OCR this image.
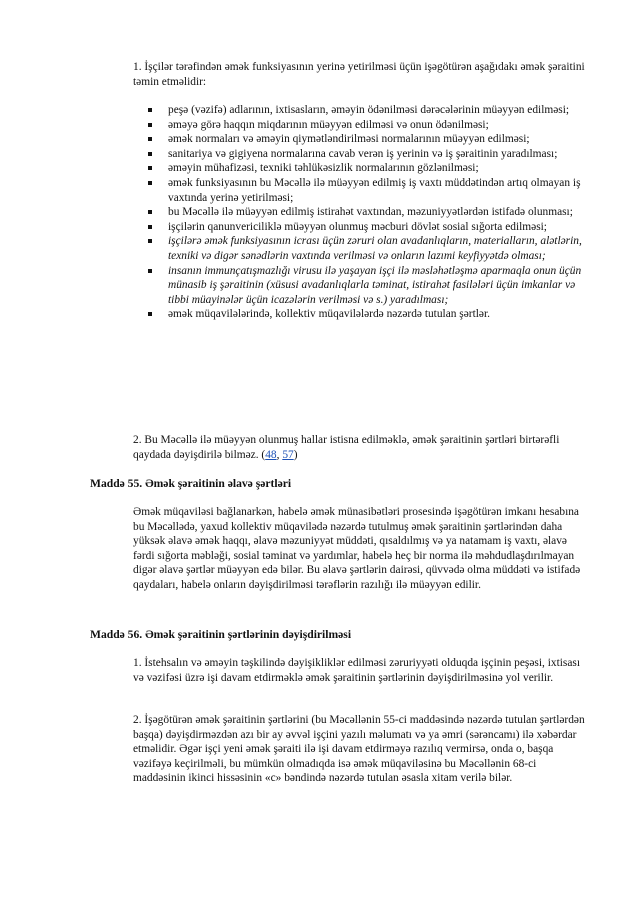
1. İşçilər tərəfindən əmək funksiyasının yerinə yetirilməsi üçün işəgötürən aşağıdakı əmək şəraitini təmin etməlidir:

peşə (vəzifə) adlarının, ixtisasların, əməyin ödənilməsi dərəcələrinin müəyyən edilməsi;
əməyə görə haqqın miqdarının müəyyən edilməsi və onun ödənilməsi;
əmək normaları və əməyin qiymətləndirilməsi normalarının müəyyən edilməsi;
sanitariya və gigiyena normalarına cavab verən iş yerinin və iş şəraitinin yaradılması;
əməyin mühafizəsi, texniki təhlükəsizlik normalarının gözlənilməsi;
əmək funksiyasının bu Məcəllə ilə müəyyən edilmiş iş vaxtı müddətindən artıq olmayan iş vaxtında yerinə yetirilməsi;
bu Məcəllə ilə müəyyən edilmiş istirahət vaxtından, məzuniyyətlərdən istifadə olunması;
işçilərin qanunvericiliklə müəyyən olunmuş məcburi dövlət sosial sığorta edilməsi;
işçilərə əmək funksiyasının icrası üçün zəruri olan avadanlıqların, materialların, alətlərin, texniki və digər sənədlərin vaxtında verilməsi və onların lazımi keyfiyyətdə olması;
insanın immunçatışmazlığı virusu ilə yaşayan işçi ilə məsləhətləşmə aparmaqla onun üçün münasib iş şəraitinin (xüsusi avadanlıqlarla təminat, istirahət fasilələri üçün imkanlar və tibbi müayinələr üçün icazələrin verilməsi və s.) yaradılması;
əmək müqavilələrində, kollektiv müqavilələrdə nəzərdə tutulan şərtlər.

2. Bu Məcəllə ilə müəyyən olunmuş hallar istisna edilməklə, əmək şəraitinin şərtləri birtərəfli qaydada dəyişdirilə bilməz. (48, 57)

Maddə 55. Əmək şəraitinin əlavə şərtləri

Əmək müqaviləsi bağlanarkən, habelə əmək münasibətləri prosesində işəgötürən imkanı hesabına bu Məcəllədə, yaxud kollektiv müqavilədə nəzərdə tutulmuş əmək şəraitinin şərtlərindən daha yüksək əlavə əmək haqqı, əlavə məzuniyyət müddəti, qısaldılmış və ya natamam iş vaxtı, əlavə fərdi sığorta məbləği, sosial təminat və yardımlar, habelə heç bir norma ilə məhdudlaşdırılmayan digər əlavə şərtlər müəyyən edə bilər. Bu əlavə şərtlərin dairəsi, qüvvədə olma müddəti və istifadə qaydaları, habelə onların dəyişdirilməsi tərəflərin razılığı ilə müəyyən edilir.

Maddə 56. Əmək şəraitinin şərtlərinin dəyişdirilməsi

1. İstehsalın və əməyin təşkilində dəyişikliklər edilməsi zəruriyyəti olduqda işçinin peşəsi, ixtisası və vəzifəsi üzrə işi davam etdirməklə əmək şəraitinin şərtlərinin dəyişdirilməsinə yol verilir.

2. İşəgötürən əmək şəraitinin şərtlərini (bu Məcəllənin 55-ci maddəsində nəzərdə tutulan şərtlərdən başqa) dəyişdirməzdən azı bir ay əvvəl işçini yazılı məlumatı və ya əmri (sərəncamı) ilə xəbərdar etməlidir. Əgər işçi yeni əmək şəraiti ilə işi davam etdirməyə razılıq vermirsə, onda o, başqa vəzifəyə keçirilməli, bu mümkün olmadıqda isə əmək müqaviləsinə bu Məcəllənin 68-ci maddəsinin ikinci hissəsinin «c» bəndində nəzərdə tutulan əsasla xitam verilə bilər.
